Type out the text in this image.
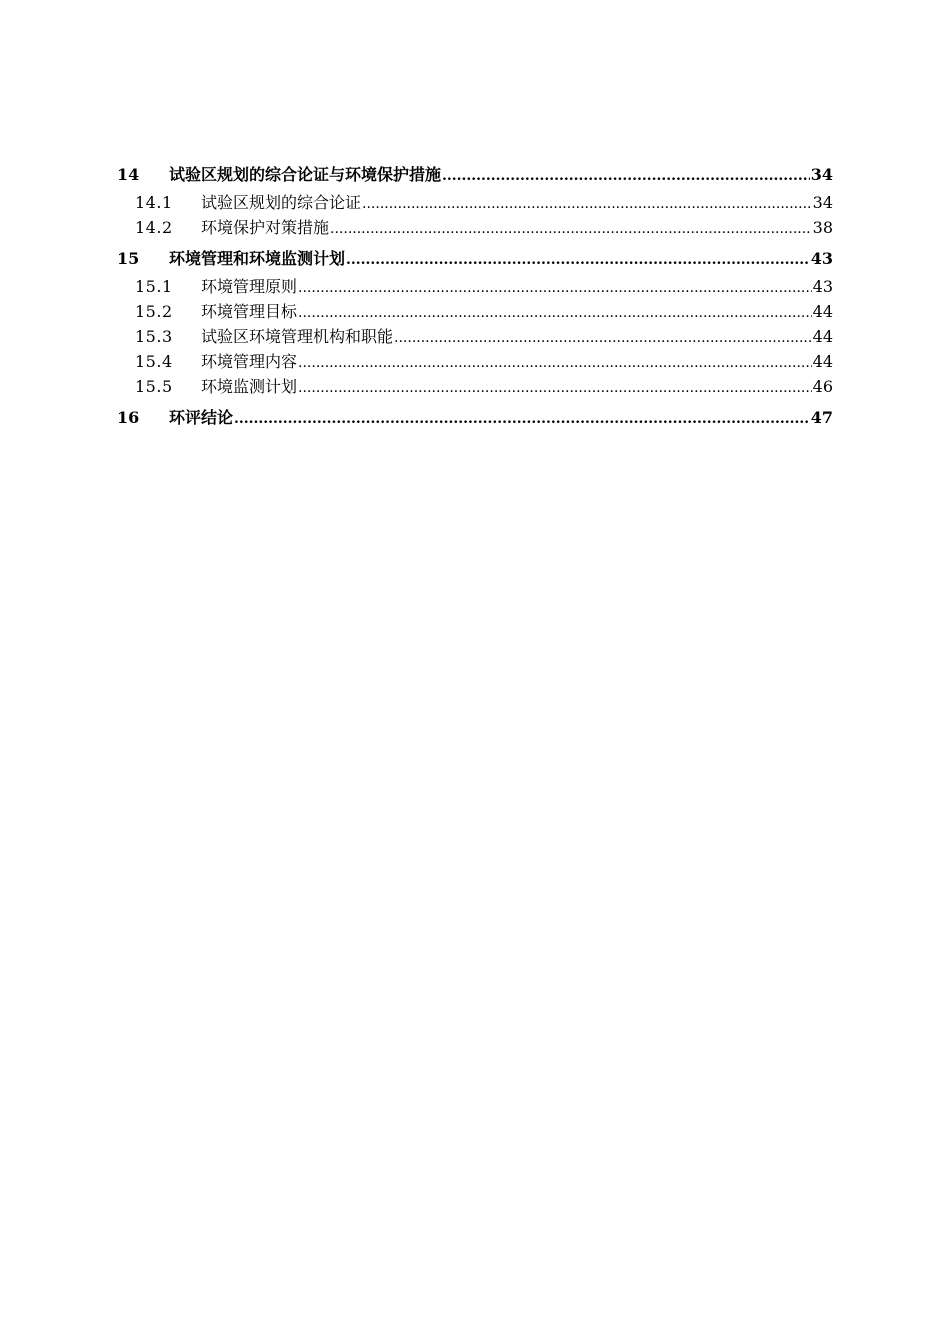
14	试验区规划的综合论证与环境保护措施 .....	34
14.1	试验区规划的综合论证 .....	34
14.2	环境保护对策措施 .....	38
15	环境管理和环境监测计划 .....	43
15.1	环境管理原则 .....	43
15.2	环境管理目标 .....	44
15.3	试验区环境管理机构和职能 .....	44
15.4	环境管理内容 .....	44
15.5	环境监测计划 .....	46
16	环评结论 .....	47
